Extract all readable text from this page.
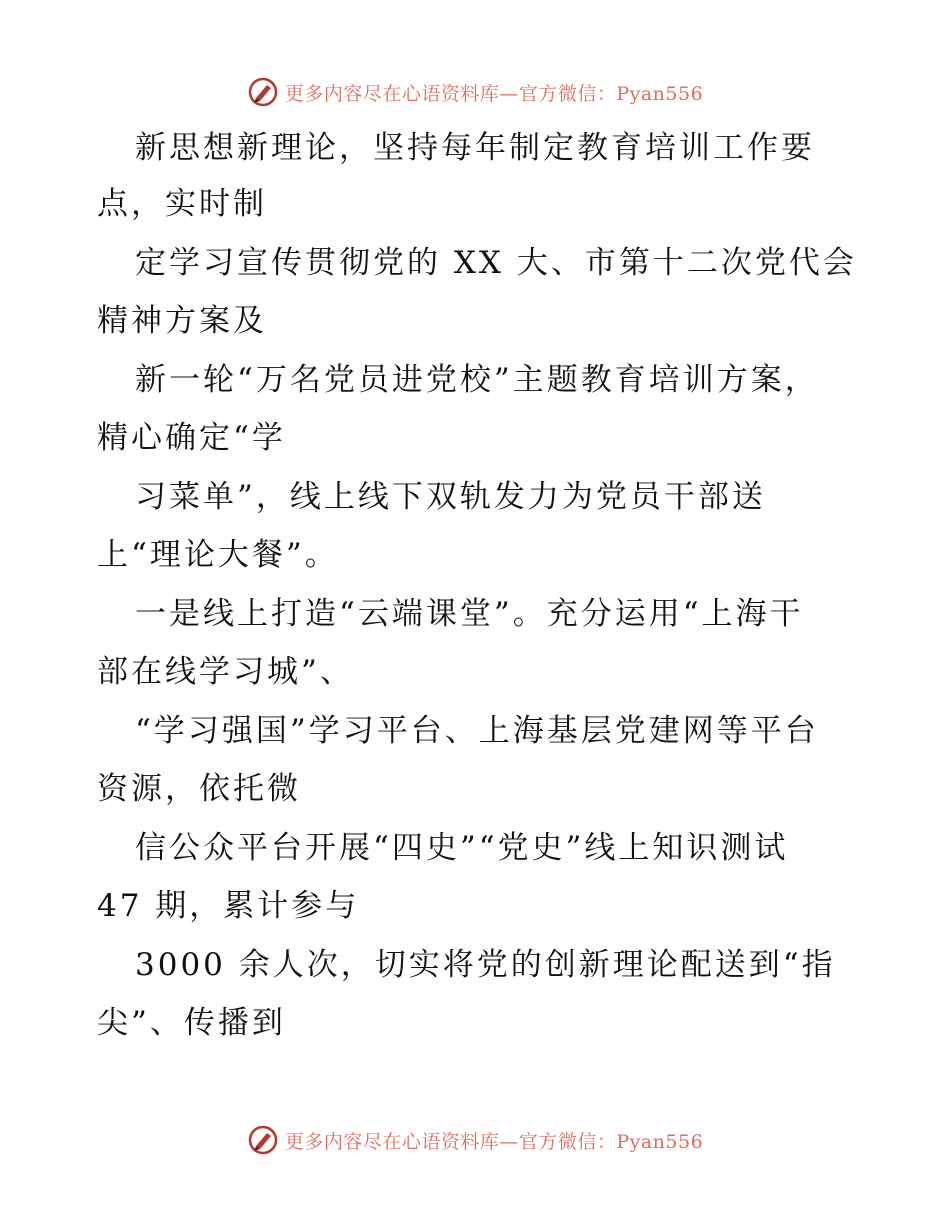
更多内容尽在心语资料库—官方微信：Pyan556
新思想新理论，坚持每年制定教育培训工作要
点，实时制
定学习宣传贯彻党的 XX 大、市第十二次党代会
精神方案及
新一轮“万名党员进党校”主题教育培训方案，
精心确定“学
习菜单”，线上线下双轨发力为党员干部送
上“理论大餐”。
一是线上打造“云端课堂”。充分运用“上海干
部在线学习城”、
“学习强国”学习平台、上海基层党建网等平台
资源，依托微
信公众平台开展“四史”“党史”线上知识测试
47 期，累计参与
3000 余人次，切实将党的创新理论配送到“指
尖”、传播到
更多内容尽在心语资料库—官方微信：Pyan556
